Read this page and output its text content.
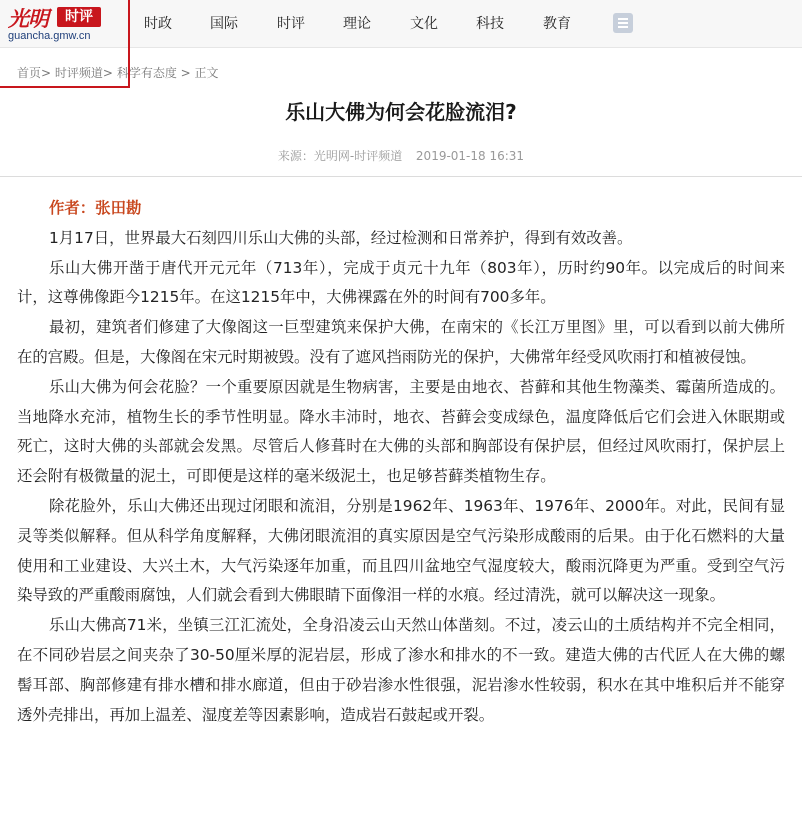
时政	国际	时评	理论	文化	科技	教育
光明	时评
guancha.gmw.cn
首页> 时评频道> 科学有态度 > 正文
乐山大佛为何会花脸流泪?
来源：光明网-时评频道 2019-01-18 16:31
作者：张田勘

1月17日，世界最大石刻四川乐山大佛的头部，经过检测和日常养护，得到有效改善。

乐山大佛开凿于唐代开元元年（713年），完成于贞元十九年（803年），历时约90年。以完成后的时间来计，这尊佛像距今1215年。在这1215年中，大佛裸露在外的时间有700多年。

最初，建筑者们修建了大像阁这一巨型建筑来保护大佛，在南宋的《长江万里图》里，可以看到以前大佛所在的宫殿。但是，大像阁在宋元时期被毁。没有了遮风挡雨防光的保护，大佛常年经受风吹雨打和植被侵蚀。

乐山大佛为何会花脸？一个重要原因就是生物病害，主要是由地衣、苔藓和其他生物藻类、霉菌所造成的。当地降水充沛，植物生长的季节性明显。降水丰沛时，地衣、苔藓会变成绿色，温度降低后它们会进入休眠期或死亡，这时大佛的头部就会发黑。尽管后人修葺时在大佛的头部和胸部设有保护层，但经过风吹雨打，保护层上还会附有极微量的泥土，可即便是这样的毫米级泥土，也足够苔藓类植物生存。

除花脸外，乐山大佛还出现过闭眼和流泪，分别是1962年、1963年、1976年、2000年。对此，民间有显灵等类似解释。但从科学角度解释，大佛闭眼流泪的真实原因是空气污染形成酸雨的后果。由于化石燃料的大量使用和工业建设、大兴土木，大气污染逐年加重，而且四川盆地空气湿度较大，酸雨沉降更为严重。受到空气污染导致的严重酸雨腐蚀，人们就会看到大佛眼睛下面像泪一样的水痕。经过清洗，就可以解决这一现象。

乐山大佛高71米，坐镇三江汇流处，全身沿凌云山天然山体凿刻。不过，凌云山的土质结构并不完全相同，在不同砂岩层之间夹杂了30-50厘米厚的泥岩层，形成了渗水和排水的不一致。建造大佛的古代匠人在大佛的螺髻耳部、胸部修建有排水槽和排水廊道，但由于砂岩渗水性很强，泥岩渗水性较弱，积水在其中堆积后并不能穿透外壳排出，再加上温差、湿度差等因素影响，造成岩石鼓起或开裂。
